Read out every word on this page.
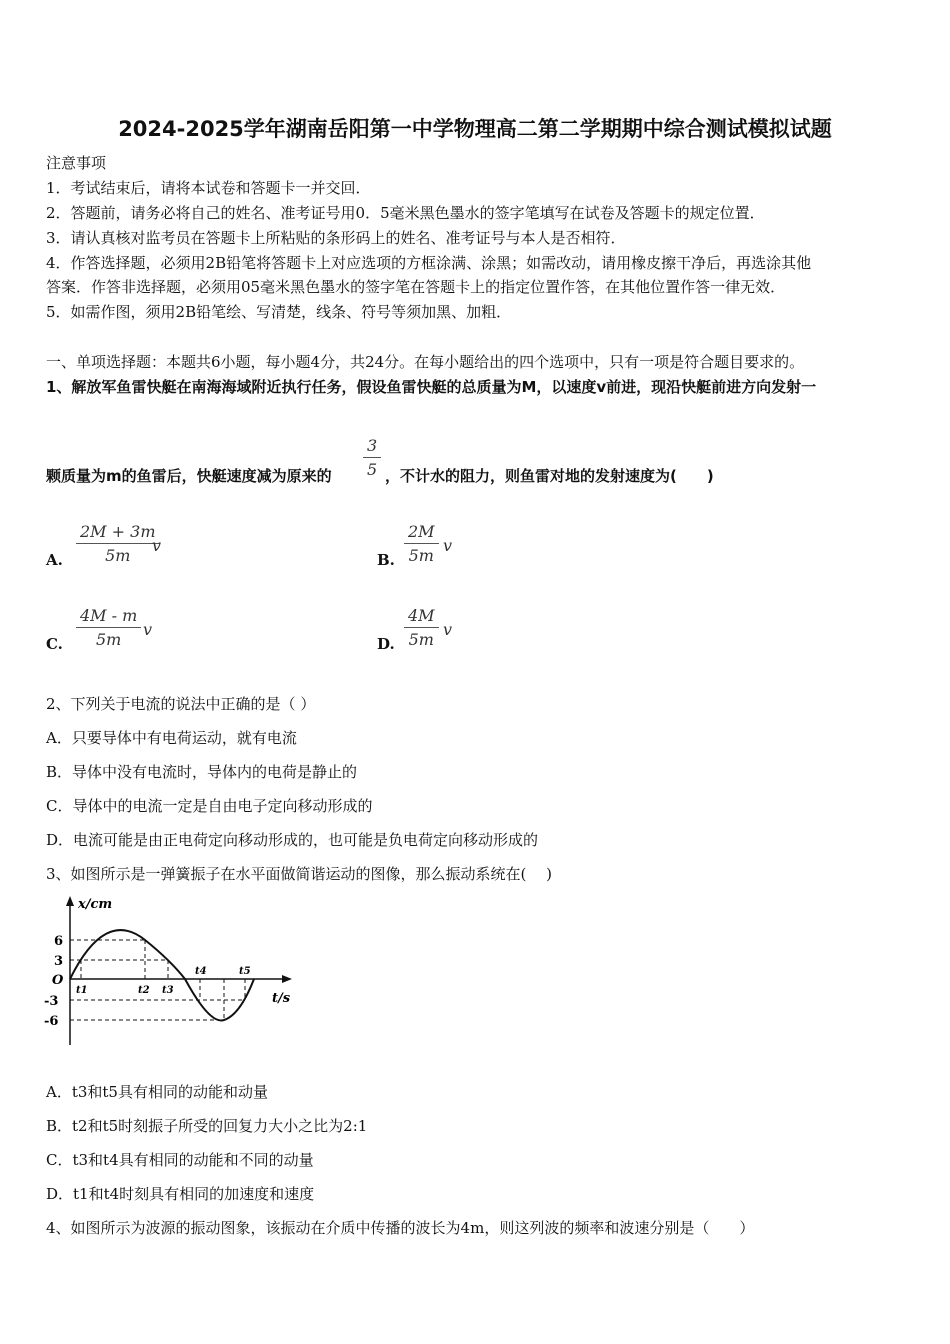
2024-2025学年湖南岳阳第一中学物理高二第二学期期中综合测试模拟试题
注意事项
1．考试结束后，请将本试卷和答题卡一并交回．
2．答题前，请务必将自己的姓名、准考证号用0．5毫米黑色墨水的签字笔填写在试卷及答题卡的规定位置．
3．请认真核对监考员在答题卡上所粘贴的条形码上的姓名、准考证号与本人是否相符．
4．作答选择题，必须用2B铅笔将答题卡上对应选项的方框涂满、涂黑；如需改动，请用橡皮擦干净后，再选涂其他
答案．作答非选择题，必须用05毫米黑色墨水的签字笔在答题卡上的指定位置作答，在其他位置作答一律无效．
5．如需作图，须用2B铅笔绘、写清楚，线条、符号等须加黑、加粗．
一、单项选择题：本题共6小题，每小题4分，共24分。在每小题给出的四个选项中，只有一项是符合题目要求的。
1、解放军鱼雷快艇在南海海域附近执行任务，假设鱼雷快艇的总质量为M，以速度v前进，现沿快艇前进方向发射一
颗质量为m的鱼雷后，快艇速度减为原来的 $\frac{3}{5}$ ，不计水的阻力，则鱼雷对地的发射速度为(　　)
A. $\frac{2M + 3m}{5m}$
v
B. $\frac{2M}{5m}$ v
C. $\frac{4M - m}{5m}$ v
D. $\frac{4M}{5m}$ v
2、下列关于电流的说法中正确的是（ ）
A．只要导体中有电荷运动，就有电流
B．导体中没有电流时，导体内的电荷是静止的
C．导体中的电流一定是自由电子定向移动形成的
D．电流可能是由正电荷定向移动形成的，也可能是负电荷定向移动形成的
3、如图所示是一弹簧振子在水平面做简谐运动的图像，那么振动系统在(　 )
x/cm
t/s
O
6
3
-3
-6
t1	t2 t3
t4	t5
A．t3和t5具有相同的动能和动量
B．t2和t5时刻振子所受的回复力大小之比为2:1
C．t3和t4具有相同的动能和不同的动量
D．t1和t4时刻具有相同的加速度和速度
4、如图所示为波源的振动图象，该振动在介质中传播的波长为4m，则这列波的频率和波速分别是（　　）
